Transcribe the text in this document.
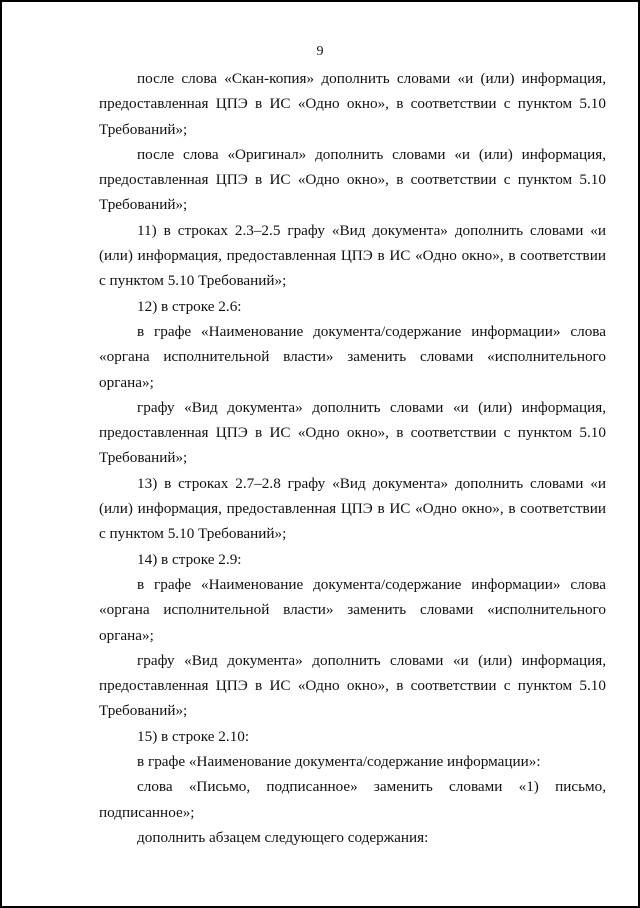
9

после слова «Скан-копия» дополнить словами «и (или) информация, предоставленная ЦПЭ в ИС «Одно окно», в соответствии с пунктом 5.10 Требований»;

после слова «Оригинал» дополнить словами «и (или) информация, предоставленная ЦПЭ в ИС «Одно окно», в соответствии с пунктом 5.10 Требований»;

11) в строках 2.3–2.5 графу «Вид документа» дополнить словами «и (или) информация, предоставленная ЦПЭ в ИС «Одно окно», в соответствии с пунктом 5.10 Требований»;

12) в строке 2.6:

в графе «Наименование документа/содержание информации» слова «органа исполнительной власти» заменить словами «исполнительного органа»;

графу «Вид документа» дополнить словами «и (или) информация, предоставленная ЦПЭ в ИС «Одно окно», в соответствии с пунктом 5.10 Требований»;

13) в строках 2.7–2.8 графу «Вид документа» дополнить словами «и (или) информация, предоставленная ЦПЭ в ИС «Одно окно», в соответствии с пунктом 5.10 Требований»;

14) в строке 2.9:

в графе «Наименование документа/содержание информации» слова «органа исполнительной власти» заменить словами «исполнительного органа»;

графу «Вид документа» дополнить словами «и (или) информация, предоставленная ЦПЭ в ИС «Одно окно», в соответствии с пунктом 5.10 Требований»;

15) в строке 2.10:

в графе «Наименование документа/содержание информации»:

слова «Письмо, подписанное» заменить словами «1) письмо, подписанное»;

дополнить абзацем следующего содержания:
